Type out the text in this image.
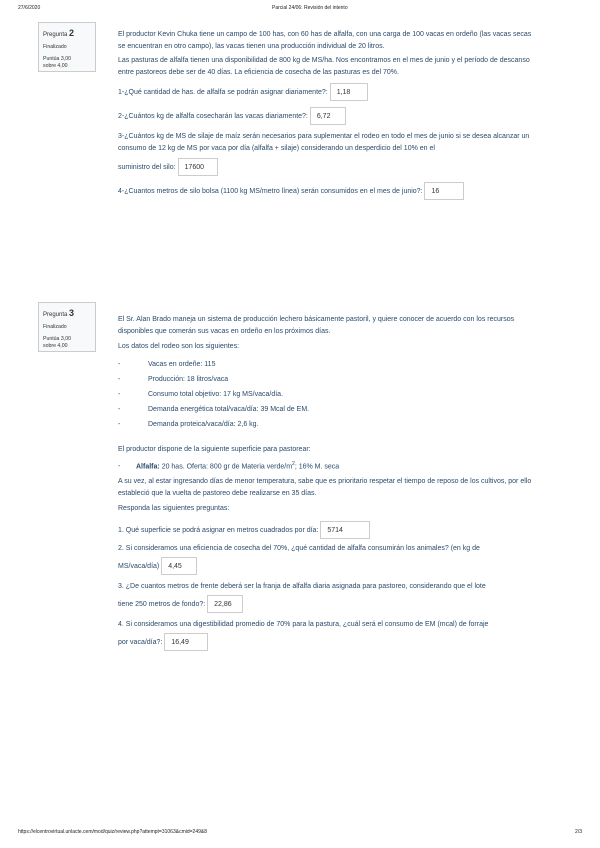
27/6/2020	Parcial 24/06: Revisión del intento
Pregunta 2
Finalizado
Puntúa 3,00
sobre 4,00

El productor Kevin Chuka tiene un campo de 100 has, con 60 has de alfalfa, con una carga de 100 vacas en ordeño (las vacas secas se encuentran en otro campo), las vacas tienen una producción individual de 20 litros.

Las pasturas de alfalfa tienen una disponibilidad de 800 kg de MS/ha. Nos encontramos en el mes de junio y el período de descanso entre pastoreos debe ser de 40 días. La eficiencia de cosecha de las pasturas es del 70%.

1-¿Qué cantidad de has. de alfalfa se podrán asignar diariamente?: 1,18

2-¿Cuántos kg de alfalfa cosecharán las vacas diariamente?: 6,72

3-¿Cuántos kg de MS de silaje de maíz serán necesarios para suplementar el rodeo en todo el mes de junio si se desea alcanzar un consumo de 12 kg de MS por vaca por día (alfalfa + silaje) considerando un desperdicio del 10% en el

suministro del silo: 17600

4-¿Cuantos metros de silo bolsa (1100 kg MS/metro línea) serán consumidos en el mes de junio?: 16

Pregunta 3
Finalizado
Puntúa 3,00
sobre 4,00

El Sr. Alan Brado maneja un sistema de producción lechero básicamente pastoril, y quiere conocer de acuerdo con los recursos disponibles que comerán sus vacas en ordeño en los próximos días.

Los datos del rodeo son los siguientes:

-	Vacas en ordeñe: 115
-	Producción: 18 litros/vaca
-	Consumo total objetivo: 17 kg MS/vaca/día.
-	Demanda energética total/vaca/día: 39 Mcal de EM.
-	Demanda proteica/vaca/día: 2,6 kg.

El productor dispone de la siguiente superficie para pastorear:

- Alfalfa: 20 has. Oferta: 800 gr de Materia verde/$m^2$; 16% M. seca

A su vez, al estar ingresando días de menor temperatura, sabe que es prioritario respetar el tiempo de reposo de los cultivos, por ello estableció que la vuelta de pastoreo debe realizarse en 35 días.

Responda las siguientes preguntas:

1. Qué superficie se podrá asignar en metros cuadrados por día: 5714

2. Si consideramos una eficiencia de cosecha del 70%, ¿qué cantidad de alfalfa consumirán los animales? (en kg de

MS/vaca/día) 4,45

3. ¿De cuantos metros de frente deberá ser la franja de alfalfa diaria asignada para pastoreo, considerando que el lote

tiene 250 metros de fondo?: 22,86

4. Si consideramos una digestibilidad promedio de 70% para la pastura, ¿cuál será el consumo de EM (mcal) de forraje

por vaca/día?: 16,49

https://elcentrovirtual.unlacte.cem/mod/quiz/review.php?attempt=31063&cmid=249&8	2/3
